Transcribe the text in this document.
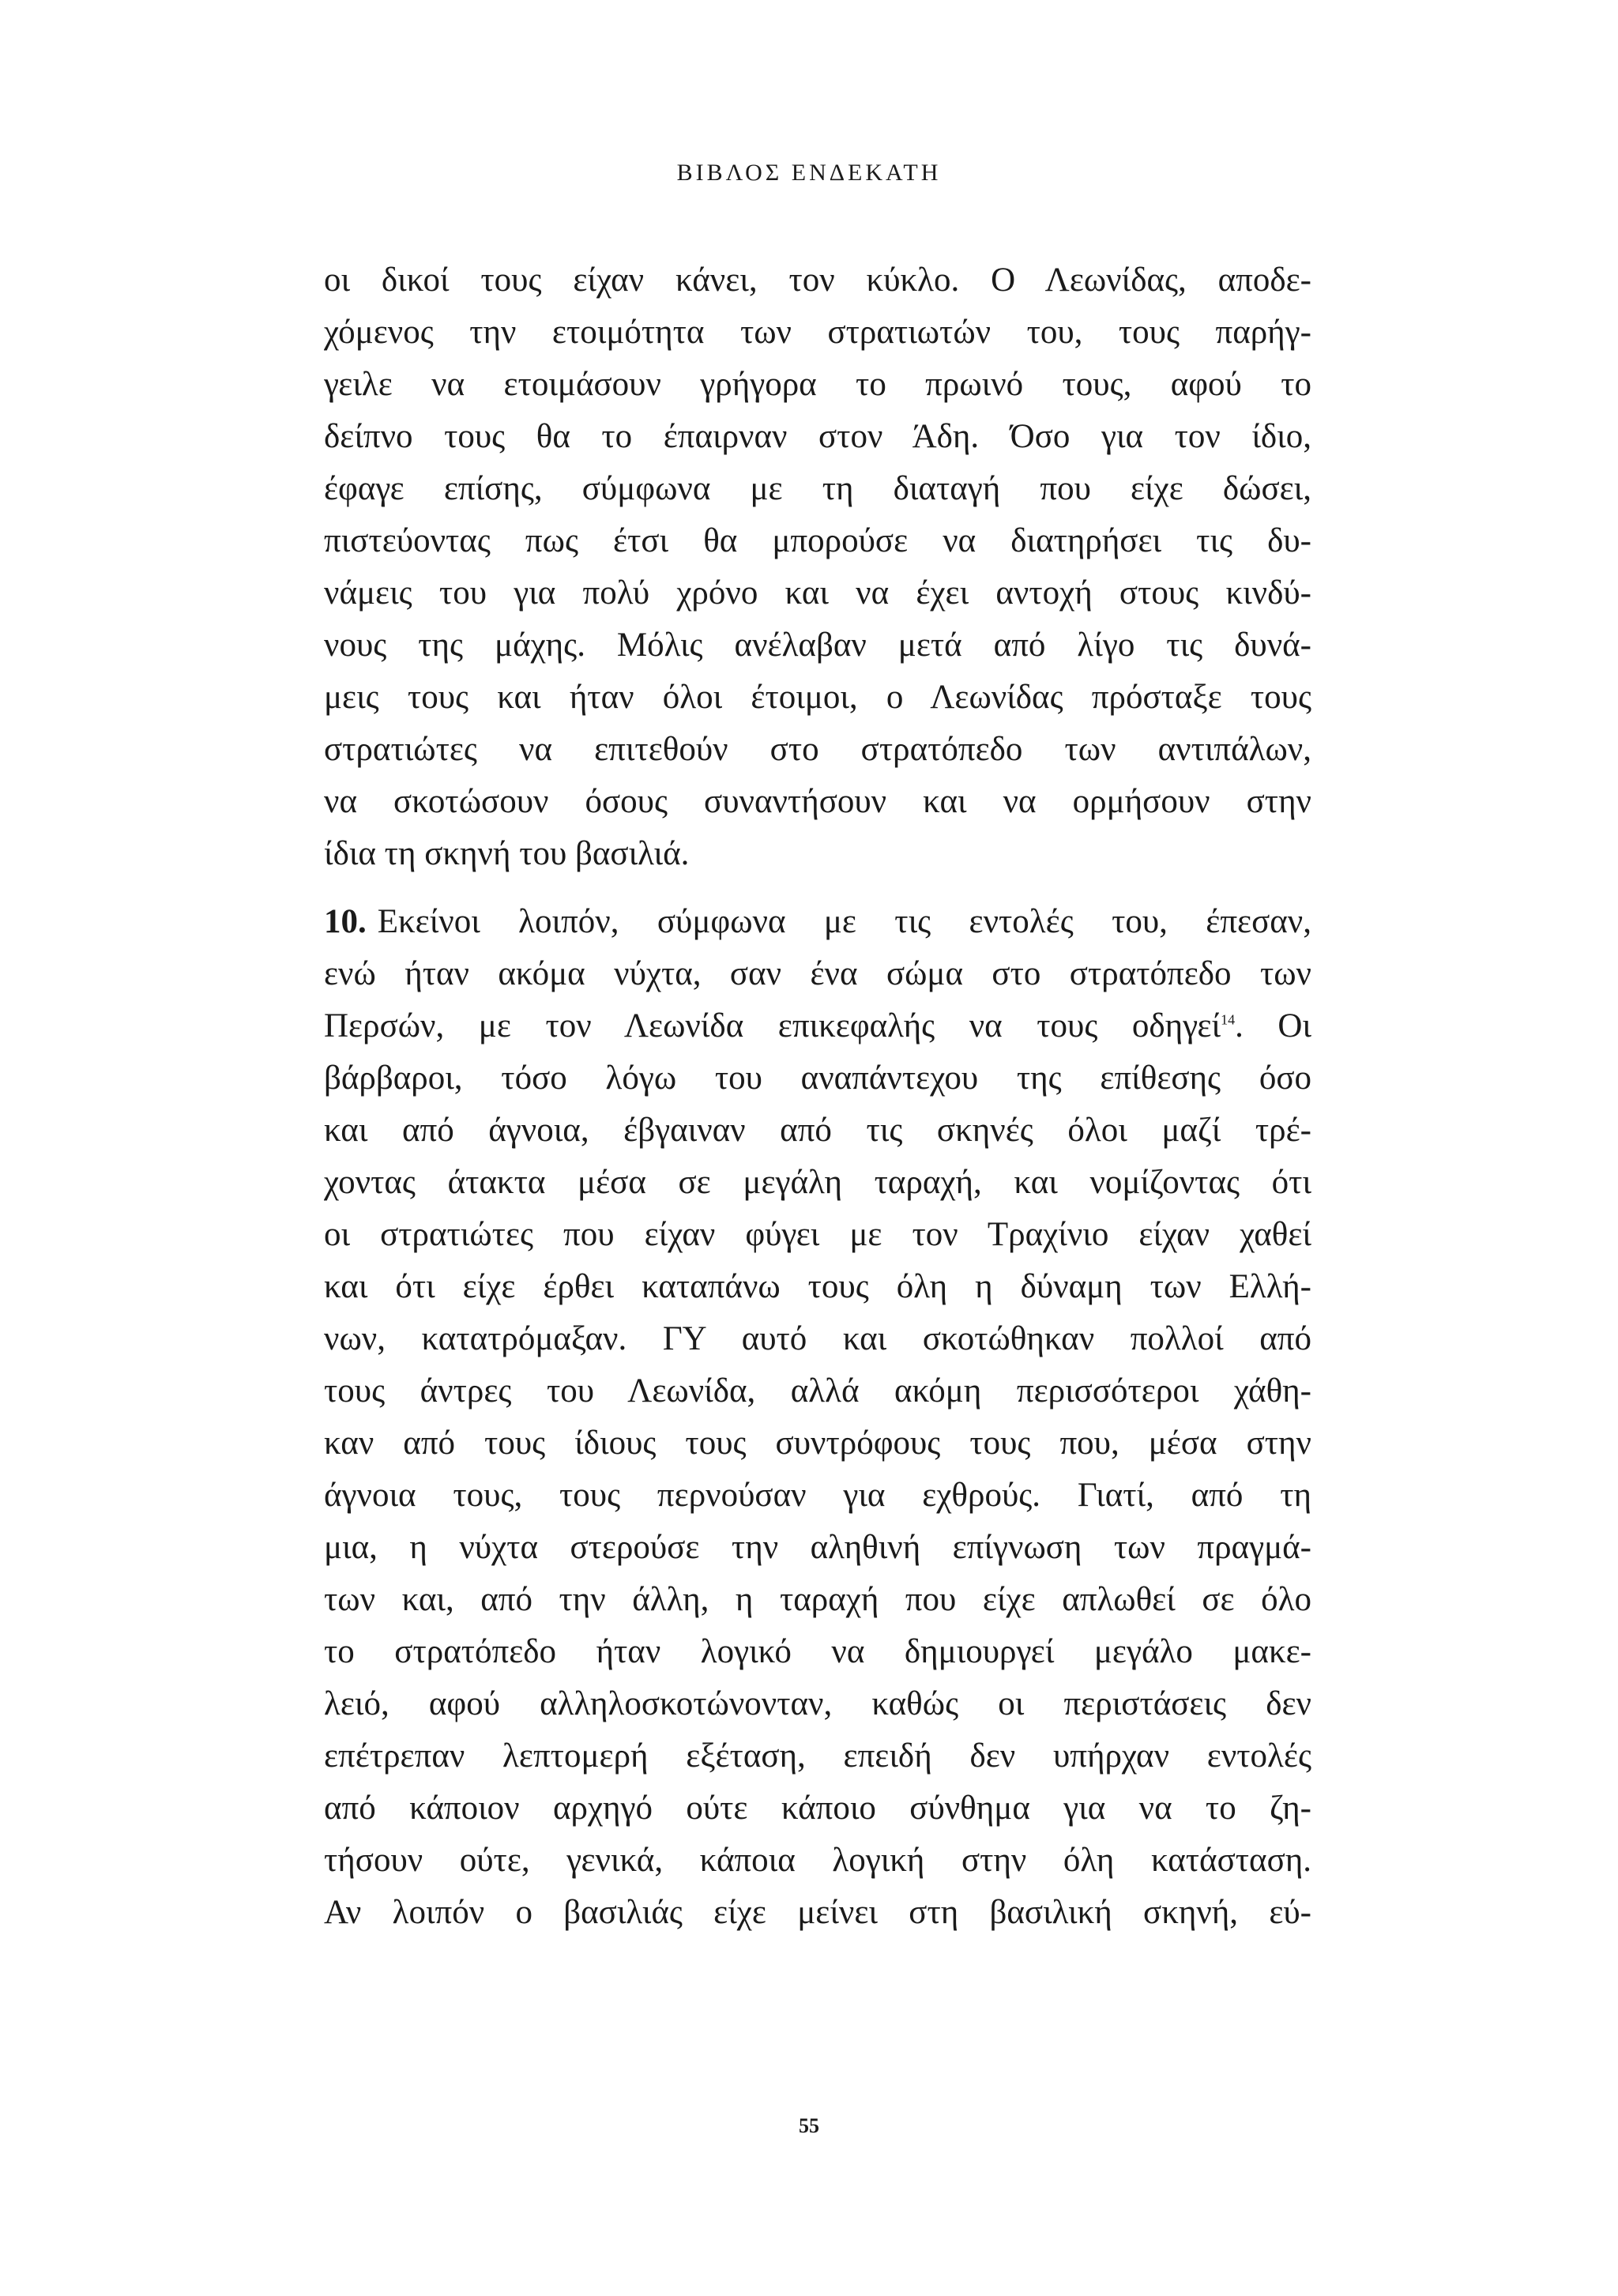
ΒΙΒΛΟΣ ΕΝΔΕΚΑΤΗ
οι δικοί τους είχαν κάνει, τον κύκλο. Ο Λεωνίδας, αποδε-
χόμενος την ετοιμότητα των στρατιωτών του, τους παρήγ-
γειλε να ετοιμάσουν γρήγορα το πρωινό τους, αφού το
δείπνο τους θα το έπαιρναν στον Άδη. Όσο για τον ίδιο,
έφαγε επίσης, σύμφωνα με τη διαταγή που είχε δώσει,
πιστεύοντας πως έτσι θα μπορούσε να διατηρήσει τις δυ-
νάμεις του για πολύ χρόνο και να έχει αντοχή στους κινδύ-
νους της μάχης. Μόλις ανέλαβαν μετά από λίγο τις δυνά-
μεις τους και ήταν όλοι έτοιμοι, ο Λεωνίδας πρόσταξε τους
στρατιώτες να επιτεθούν στο στρατόπεδο των αντιπάλων,
να σκοτώσουν όσους συναντήσουν και να ορμήσουν στην
ίδια τη σκηνή του βασιλιά.
10. Εκείνοι λοιπόν, σύμφωνα με τις εντολές του, έπεσαν,
ενώ ήταν ακόμα νύχτα, σαν ένα σώμα στο στρατόπεδο των
Περσών, με τον Λεωνίδα επικεφαλής να τους οδηγεί$^{14}$. Οι
βάρβαροι, τόσο λόγω του αναπάντεχου της επίθεσης όσο
και από άγνοια, έβγαιναν από τις σκηνές όλοι μαζί τρέ-
χοντας άτακτα μέσα σε μεγάλη ταραχή, και νομίζοντας ότι
οι στρατιώτες που είχαν φύγει με τον Τραχίνιο είχαν χαθεί
και ότι είχε έρθει καταπάνω τους όλη η δύναμη των Ελλή-
νων, κατατρόμαξαν. ΓΥ αυτό και σκοτώθηκαν πολλοί από
τους άντρες του Λεωνίδα, αλλά ακόμη περισσότεροι χάθη-
καν από τους ίδιους τους συντρόφους τους που, μέσα στην
άγνοια τους, τους περνούσαν για εχθρούς. Γιατί, από τη
μια, η νύχτα στερούσε την αληθινή επίγνωση των πραγμά-
των και, από την άλλη, η ταραχή που είχε απλωθεί σε όλο
το στρατόπεδο ήταν λογικό να δημιουργεί μεγάλο μακε-
λειό, αφού αλληλοσκοτώνονταν, καθώς οι περιστάσεις δεν
επέτρεπαν λεπτομερή εξέταση, επειδή δεν υπήρχαν εντολές
από κάποιον αρχηγό ούτε κάποιο σύνθημα για να το ζη-
τήσουν ούτε, γενικά, κάποια λογική στην όλη κατάσταση.
Αν λοιπόν ο βασιλιάς είχε μείνει στη βασιλική σκηνή, εύ-
55
